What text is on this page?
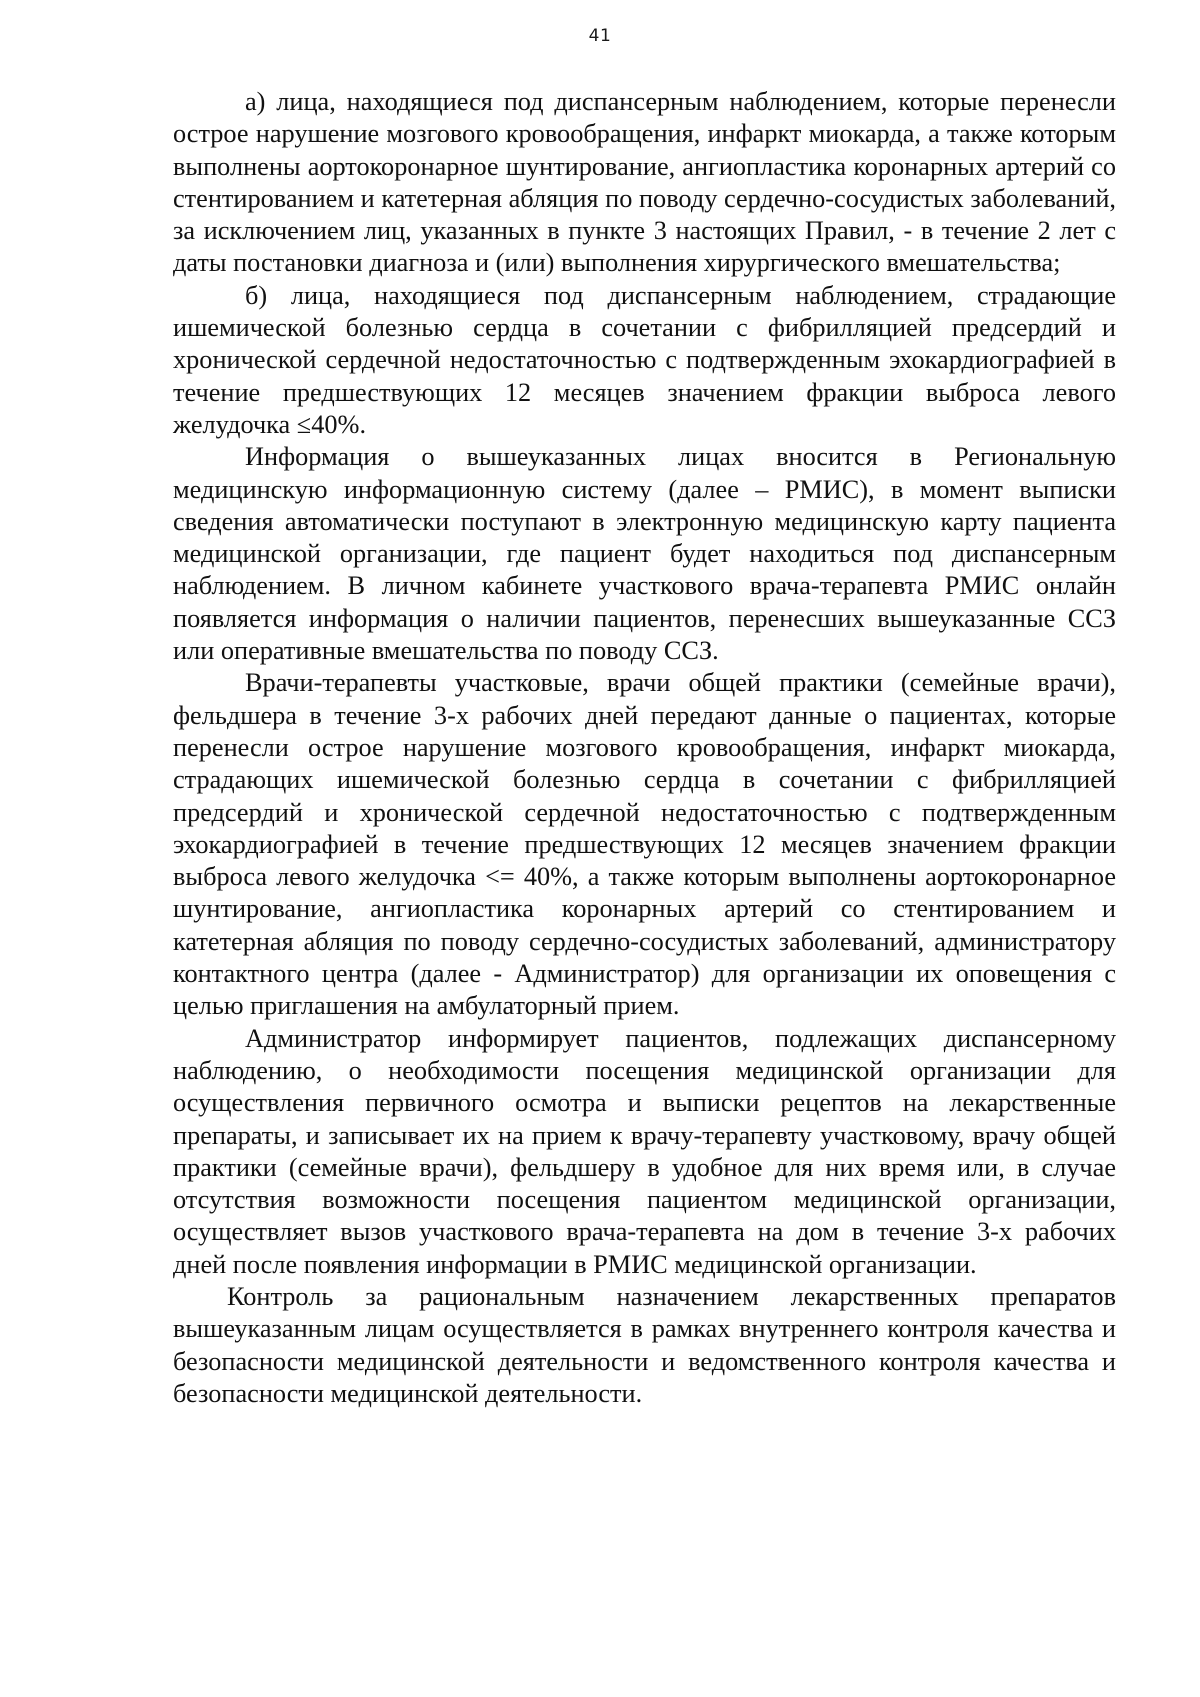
41

а) лица, находящиеся под диспансерным наблюдением, которые перенесли острое нарушение мозгового кровообращения, инфаркт миокарда, а также которым выполнены аортокоронарное шунтирование, ангиопластика коронарных артерий со стентированием и катетерная абляция по поводу сердечно-сосудистых заболеваний, за исключением лиц, указанных в пункте 3 настоящих Правил, - в течение 2 лет с даты постановки диагноза и (или) выполнения хирургического вмешательства;

б) лица, находящиеся под диспансерным наблюдением, страдающие ишемической болезнью сердца в сочетании с фибрилляцией предсердий и хронической сердечной недостаточностью с подтвержденным эхокардиографией в течение предшествующих 12 месяцев значением фракции выброса левого желудочка ≤40%.

Информация о вышеуказанных лицах вносится в Региональную медицинскую информационную систему (далее – РМИС), в момент выписки сведения автоматически поступают в электронную медицинскую карту пациента медицинской организации, где пациент будет находиться под диспансерным наблюдением. В личном кабинете участкового врача-терапевта РМИС онлайн появляется информация о наличии пациентов, перенесших вышеуказанные ССЗ или оперативные вмешательства по поводу ССЗ.

Врачи-терапевты участковые, врачи общей практики (семейные врачи), фельдшера в течение 3-х рабочих дней передают данные о пациентах, которые перенесли острое нарушение мозгового кровообращения, инфаркт миокарда, страдающих ишемической болезнью сердца в сочетании с фибрилляцией предсердий и хронической сердечной недостаточностью с подтвержденным эхокардиографией в течение предшествующих 12 месяцев значением фракции выброса левого желудочка <= 40%, а также которым выполнены аортокоронарное шунтирование, ангиопластика коронарных артерий со стентированием и катетерная абляция по поводу сердечно-сосудистых заболеваний, администратору контактного центра (далее - Администратор) для организации их оповещения с целью приглашения на амбулаторный прием.

Администратор информирует пациентов, подлежащих диспансерному наблюдению, о необходимости посещения медицинской организации для осуществления первичного осмотра и выписки рецептов на лекарственные препараты, и записывает их на прием к врачу-терапевту участковому, врачу общей практики (семейные врачи), фельдшеру в удобное для них время или, в случае отсутствия возможности посещения пациентом медицинской организации, осуществляет вызов участкового врача-терапевта на дом в течение 3-х рабочих дней после появления информации в РМИС медицинской организации.

Контроль за рациональным назначением лекарственных препаратов вышеуказанным лицам осуществляется в рамках внутреннего контроля качества и безопасности медицинской деятельности и ведомственного контроля качества и безопасности медицинской деятельности.
